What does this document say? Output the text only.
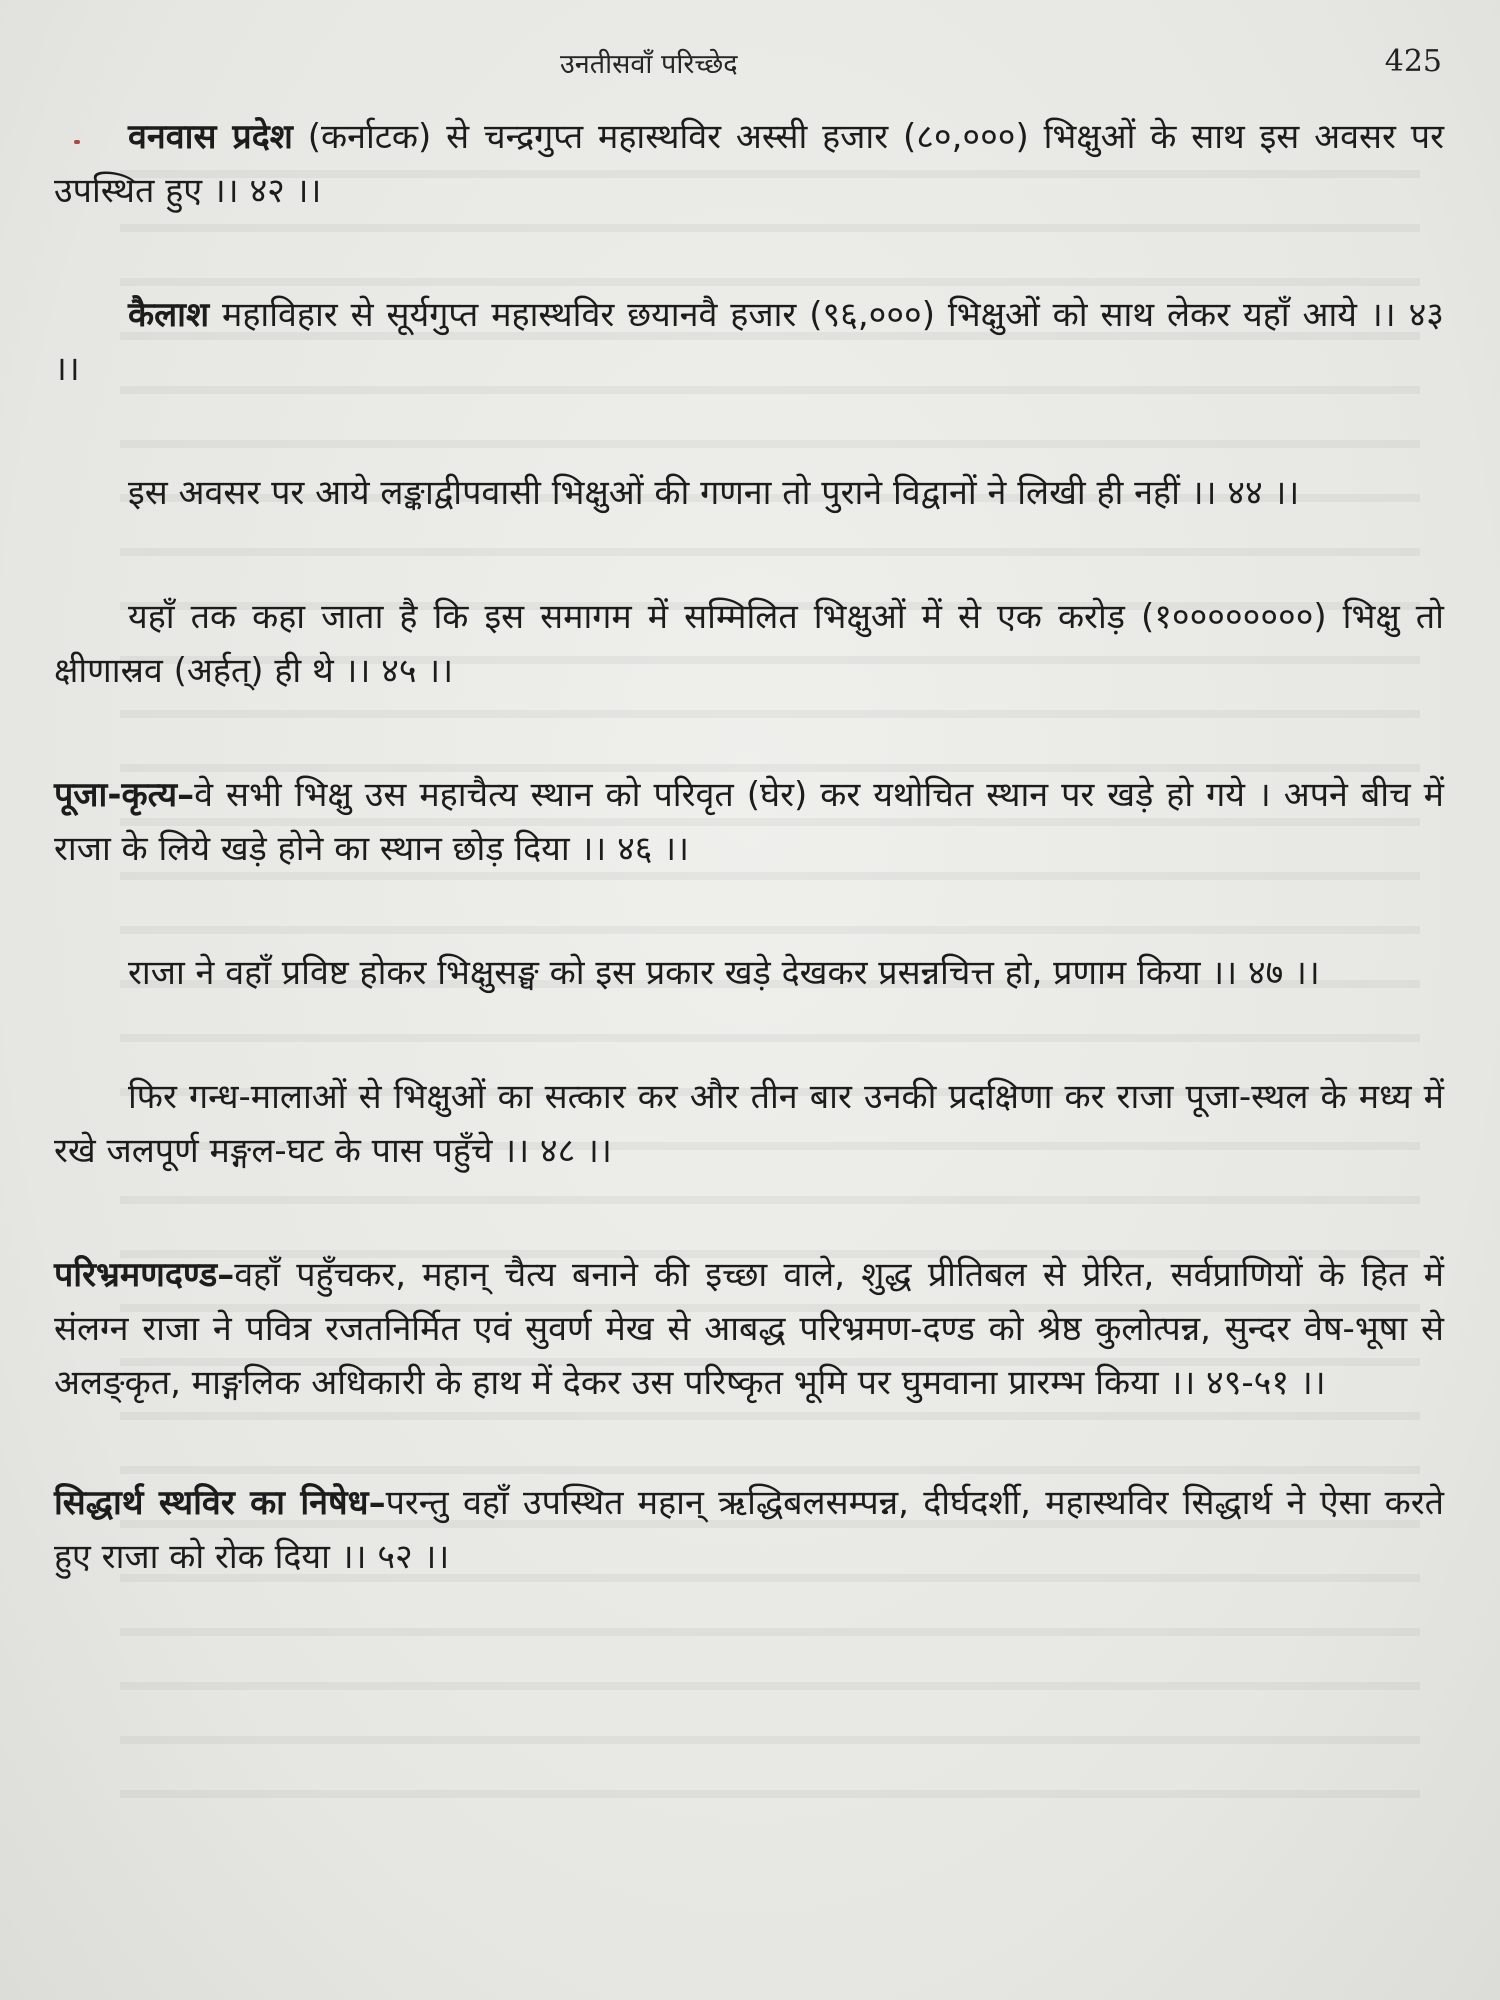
उनतीसवाँ परिच्छेद	425

वनवास प्रदेश (कर्नाटक) से चन्द्रगुप्त महास्थविर अस्सी हजार (८०,०००) भिक्षुओं के साथ इस अवसर पर उपस्थित हुए ।। ४२ ।।

कैलाश महाविहार से सूर्यगुप्त महास्थविर छयानवै हजार (९६,०००) भिक्षुओं को साथ लेकर यहाँ आये ।। ४३ ।।

इस अवसर पर आये लङ्काद्वीपवासी भिक्षुओं की गणना तो पुराने विद्वानों ने लिखी ही नहीं ।। ४४ ।।

यहाँ तक कहा जाता है कि इस समागम में सम्मिलित भिक्षुओं में से एक करोड़ (१००००००००) भिक्षु तो क्षीणास्रव (अर्हत्) ही थे ।। ४५ ।।

पूजा-कृत्य–वे सभी भिक्षु उस महाचैत्य स्थान को परिवृत (घेर) कर यथोचित स्थान पर खड़े हो गये । अपने बीच में राजा के लिये खड़े होने का स्थान छोड़ दिया ।। ४६ ।।

राजा ने वहाँ प्रविष्ट होकर भिक्षुसङ्घ को इस प्रकार खड़े देखकर प्रसन्नचित्त हो, प्रणाम किया ।। ४७ ।।

फिर गन्ध-मालाओं से भिक्षुओं का सत्कार कर और तीन बार उनकी प्रदक्षिणा कर राजा पूजा-स्थल के मध्य में रखे जलपूर्ण मङ्गल-घट के पास पहुँचे ।। ४८ ।।

परिभ्रमणदण्ड–वहाँ पहुँचकर, महान् चैत्य बनाने की इच्छा वाले, शुद्ध प्रीतिबल से प्रेरित, सर्वप्राणियों के हित में संलग्न राजा ने पवित्र रजतनिर्मित एवं सुवर्ण मेख से आबद्ध परिभ्रमण-दण्ड को श्रेष्ठ कुलोत्पन्न, सुन्दर वेष-भूषा से अलङ्कृत, माङ्गलिक अधिकारी के हाथ में देकर उस परिष्कृत भूमि पर घुमवाना प्रारम्भ किया ।। ४९-५१ ।।

सिद्धार्थ स्थविर का निषेध–परन्तु वहाँ उपस्थित महान् ऋद्धिबलसम्पन्न, दीर्घदर्शी, महास्थविर सिद्धार्थ ने ऐसा करते हुए राजा को रोक दिया ।। ५२ ।।
